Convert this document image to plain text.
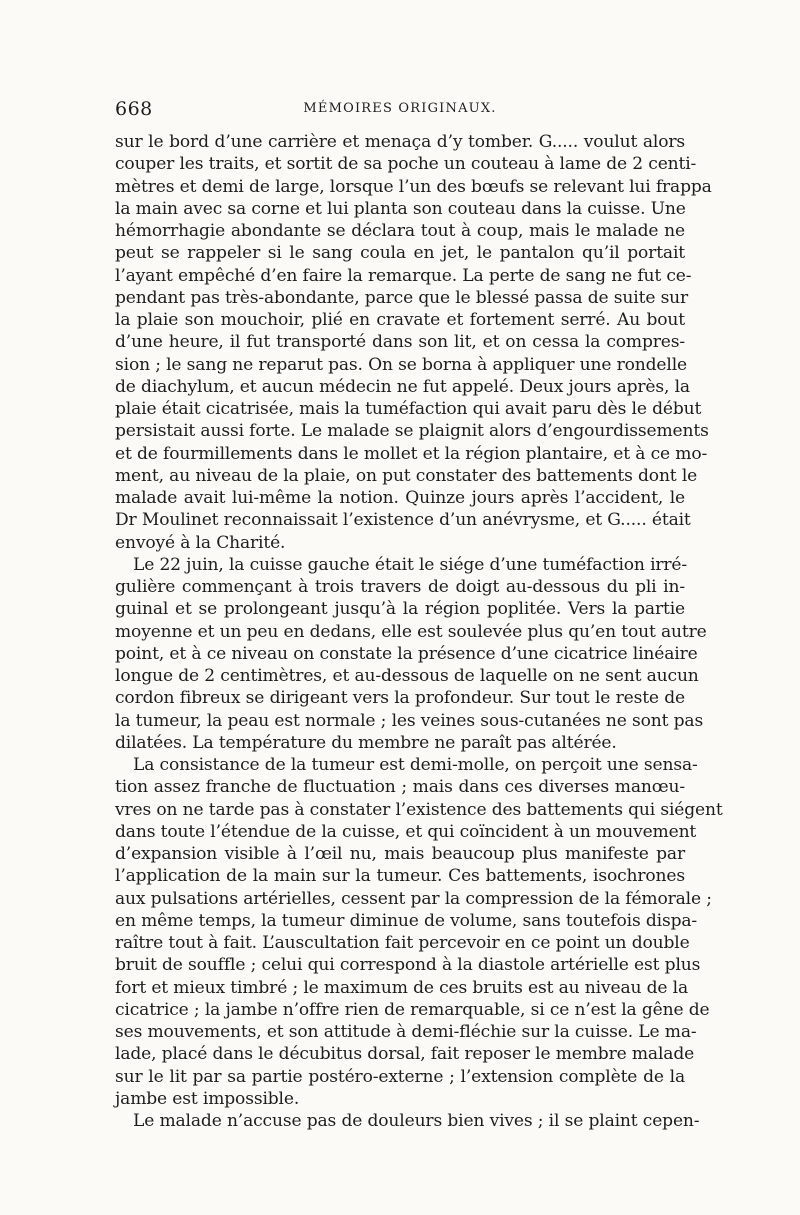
668	MÉMOIRES ORIGINAUX.
sur le bord d’une carrière et menaça d’y tomber. G..... voulut alors
couper les traits, et sortit de sa poche un couteau à lame de 2 centi-
mètres et demi de large, lorsque l’un des bœufs se relevant lui frappa
la main avec sa corne et lui planta son couteau dans la cuisse. Une
hémorrhagie abondante se déclara tout à coup, mais le malade ne
peut se rappeler si le sang coula en jet, le pantalon qu’il portait
l’ayant empêché d’en faire la remarque. La perte de sang ne fut ce-
pendant pas très-abondante, parce que le blessé passa de suite sur
la plaie son mouchoir, plié en cravate et fortement serré. Au bout
d’une heure, il fut transporté dans son lit, et on cessa la compres-
sion ; le sang ne reparut pas. On se borna à appliquer une rondelle
de diachylum, et aucun médecin ne fut appelé. Deux jours après, la
plaie était cicatrisée, mais la tuméfaction qui avait paru dès le début
persistait aussi forte. Le malade se plaignit alors d’engourdissements
et de fourmillements dans le mollet et la région plantaire, et à ce mo-
ment, au niveau de la plaie, on put constater des battements dont le
malade avait lui-même la notion. Quinze jours après l’accident, le
Dr Moulinet reconnaissait l’existence d’un anévrysme, et G..... était
envoyé à la Charité.
Le 22 juin, la cuisse gauche était le siége d’une tuméfaction irré-
gulière commençant à trois travers de doigt au-dessous du pli in-
guinal et se prolongeant jusqu’à la région poplitée. Vers la partie
moyenne et un peu en dedans, elle est soulevée plus qu’en tout autre
point, et à ce niveau on constate la présence d’une cicatrice linéaire
longue de 2 centimètres, et au-dessous de laquelle on ne sent aucun
cordon fibreux se dirigeant vers la profondeur. Sur tout le reste de
la tumeur, la peau est normale ; les veines sous-cutanées ne sont pas
dilatées. La température du membre ne paraît pas altérée.
La consistance de la tumeur est demi-molle, on perçoit une sensa-
tion assez franche de fluctuation ; mais dans ces diverses manœu-
vres on ne tarde pas à constater l’existence des battements qui siégent
dans toute l’étendue de la cuisse, et qui coïncident à un mouvement
d’expansion visible à l’œil nu, mais beaucoup plus manifeste par
l’application de la main sur la tumeur. Ces battements, isochrones
aux pulsations artérielles, cessent par la compression de la fémorale ;
en même temps, la tumeur diminue de volume, sans toutefois dispa-
raître tout à fait. L’auscultation fait percevoir en ce point un double
bruit de souffle ; celui qui correspond à la diastole artérielle est plus
fort et mieux timbré ; le maximum de ces bruits est au niveau de la
cicatrice ; la jambe n’offre rien de remarquable, si ce n’est la gêne de
ses mouvements, et son attitude à demi-fléchie sur la cuisse. Le ma-
lade, placé dans le décubitus dorsal, fait reposer le membre malade
sur le lit par sa partie postéro-externe ; l’extension complète de la
jambe est impossible.
Le malade n’accuse pas de douleurs bien vives ; il se plaint cepen-
